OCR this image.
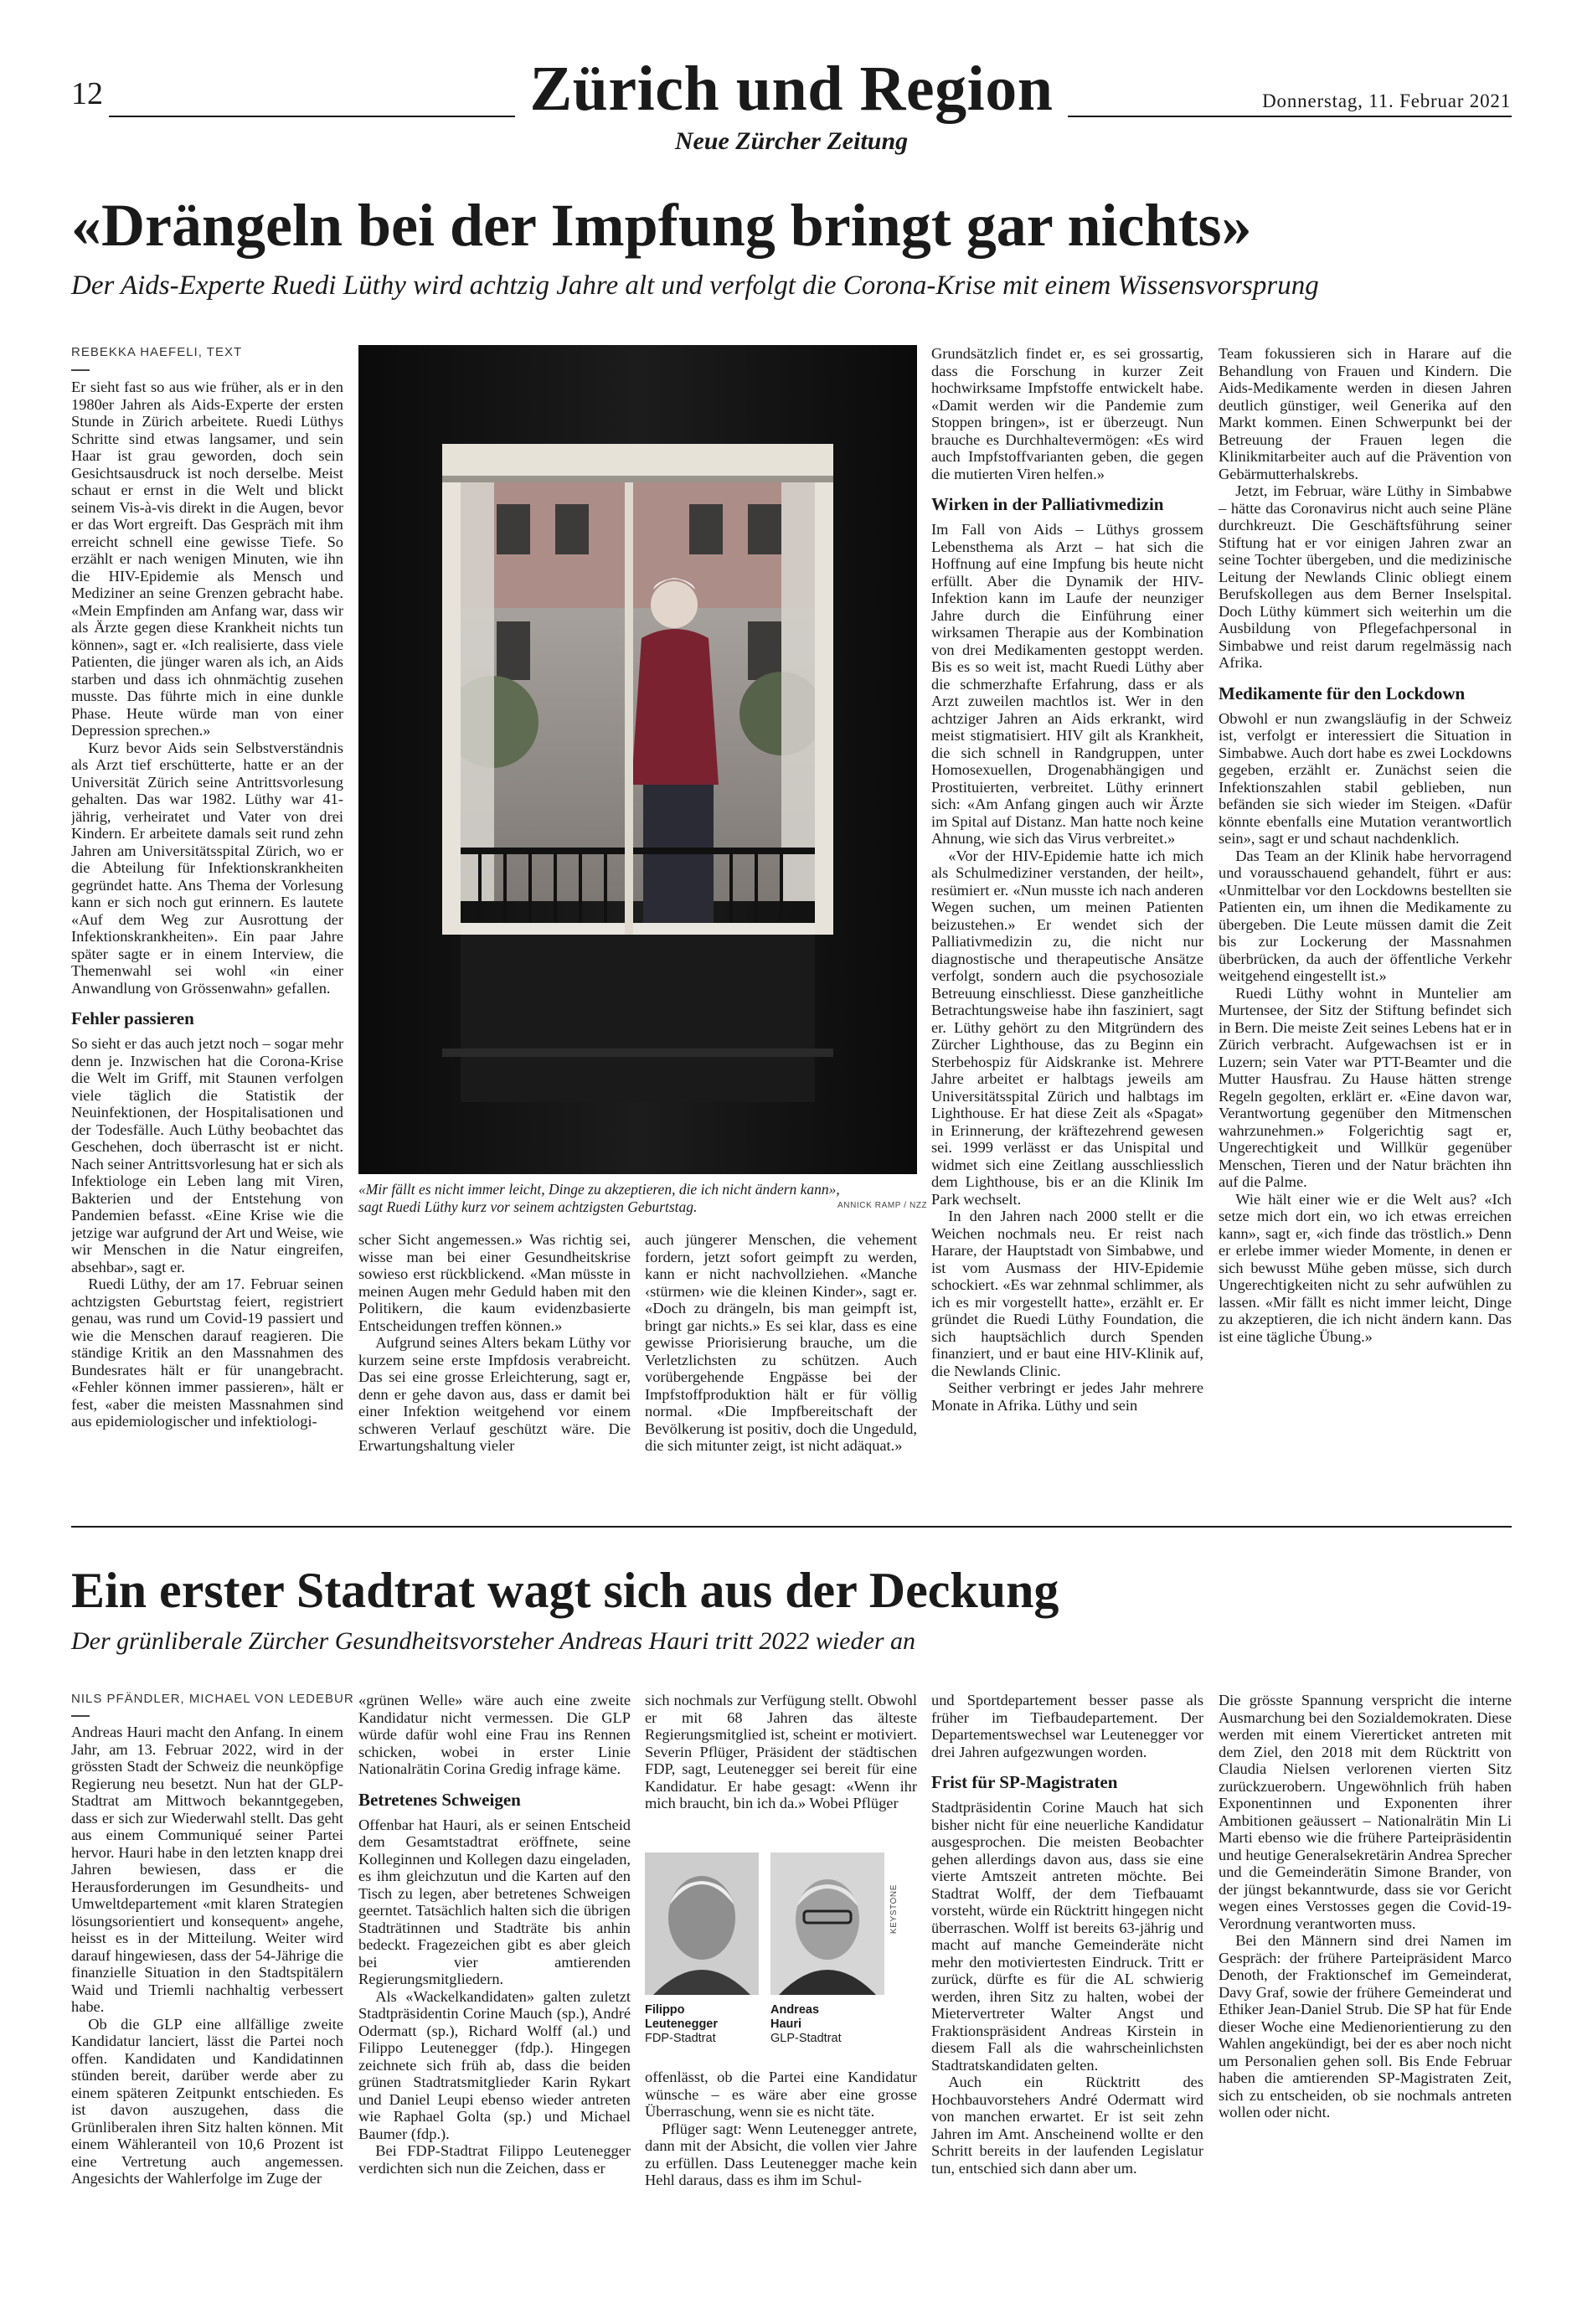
12	Zürich und Region	Donnerstag, 11. Februar 2021
Neue Zürcher Zeitung
«Drängeln bei der Impfung bringt gar nichts»
Der Aids-Experte Ruedi Lüthy wird achtzig Jahre alt und verfolgt die Corona-Krise mit einem Wissensvorsprung
REBEKKA HAEFELI, TEXT

Er sieht fast so aus wie früher, als er in den 1980er Jahren als Aids-Experte der ersten Stunde in Zürich arbeitete. Ruedi Lüthys Schritte sind etwas langsamer, und sein Haar ist grau geworden, doch sein Gesichtsausdruck ist noch derselbe. Meist schaut er ernst in die Welt und blickt seinem Vis-à-vis direkt in die Augen, bevor er das Wort ergreift. Das Gespräch mit ihm erreicht schnell eine gewisse Tiefe. So erzählt er nach wenigen Minuten, wie ihn die HIV-Epidemie als Mensch und Mediziner an seine Grenzen gebracht habe. «Mein Empfinden am Anfang war, dass wir als Ärzte gegen diese Krankheit nichts tun können», sagt er. «Ich realisierte, dass viele Patienten, die jünger waren als ich, an Aids starben und dass ich ohnmächtig zusehen musste. Das führte mich in eine dunkle Phase. Heute würde man von einer Depression sprechen.»

Kurz bevor Aids sein Selbstverständnis als Arzt tief erschütterte, hatte er an der Universität Zürich seine Antrittsvorlesung gehalten. Das war 1982. Lüthy war 41-jährig, verheiratet und Vater von drei Kindern. Er arbeitete damals seit rund zehn Jahren am Universitätsspital Zürich, wo er die Abteilung für Infektionskrankheiten gegründet hatte. Ans Thema der Vorlesung kann er sich noch gut erinnern. Es lautete «Auf dem Weg zur Ausrottung der Infektionskrankheiten». Ein paar Jahre später sagte er in einem Interview, die Themenwahl sei wohl «in einer Anwandlung von Grössenwahn» gefallen.

Fehler passieren

So sieht er das auch jetzt noch – sogar mehr denn je. Inzwischen hat die Corona-Krise die Welt im Griff, mit Staunen verfolgen viele täglich die Statistik der Neuinfektionen, der Hospitalisationen und der Todesfälle. Auch Lüthy beobachtet das Geschehen, doch überrascht ist er nicht. Nach seiner Antrittsvorlesung hat er sich als Infektiologe ein Leben lang mit Viren, Bakterien und der Entstehung von Pandemien befasst. «Eine Krise wie die jetzige war aufgrund der Art und Weise, wie wir Menschen in die Natur eingreifen, absehbar», sagt er.

Ruedi Lüthy, der am 17. Februar seinen achtzigsten Geburtstag feiert, registriert genau, was rund um Covid-19 passiert und wie die Menschen darauf reagieren. Die ständige Kritik an den Massnahmen des Bundesrates hält er für unangebracht. «Fehler können immer passieren», hält er fest, «aber die meisten Massnahmen sind aus epidemiologischer und infektiologi-

«Mir fällt es nicht immer leicht, Dinge zu akzeptieren, die ich nicht ändern kann», sagt Ruedi Lüthy kurz vor seinem achtzigsten Geburtstag.	ANNICK RAMP / NZZ

scher Sicht angemessen.» Was richtig sei, wisse man bei einer Gesundheitskrise sowieso erst rückblickend. «Man müsste in meinen Augen mehr Geduld haben mit den Politikern, die kaum evidenzbasierte Entscheidungen treffen können.»

Aufgrund seines Alters bekam Lüthy vor kurzem seine erste Impfdosis verabreicht. Das sei eine grosse Erleichterung, sagt er, denn er gehe davon aus, dass er damit bei einer Infektion weitgehend vor einem schweren Verlauf geschützt wäre. Die Erwartungshaltung vieler

auch jüngerer Menschen, die vehement fordern, jetzt sofort geimpft zu werden, kann er nicht nachvollziehen. «Manche ‹stürmen› wie die kleinen Kinder», sagt er. «Doch zu drängeln, bis man geimpft ist, bringt gar nichts.» Es sei klar, dass es eine gewisse Priorisierung brauche, um die Verletzlichsten zu schützen. Auch vorübergehende Engpässe bei der Impfstoffproduktion hält er für völlig normal. «Die Impfbereitschaft der Bevölkerung ist positiv, doch die Ungeduld, die sich mitunter zeigt, ist nicht adäquat.»

Grundsätzlich findet er, es sei grossartig, dass die Forschung in kurzer Zeit hochwirksame Impfstoffe entwickelt habe. «Damit werden wir die Pandemie zum Stoppen bringen», ist er überzeugt. Nun brauche es Durchhaltevermögen: «Es wird auch Impfstoffvarianten geben, die gegen die mutierten Viren helfen.»

Wirken in der Palliativmedizin

Im Fall von Aids – Lüthys grossem Lebensthema als Arzt – hat sich die Hoffnung auf eine Impfung bis heute nicht erfüllt. Aber die Dynamik der HIV-Infektion kann im Laufe der neunziger Jahre durch die Einführung einer wirksamen Therapie aus der Kombination von drei Medikamenten gestoppt werden. Bis es so weit ist, macht Ruedi Lüthy aber die schmerzhafte Erfahrung, dass er als Arzt zuweilen machtlos ist. Wer in den achtziger Jahren an Aids erkrankt, wird meist stigmatisiert. HIV gilt als Krankheit, die sich schnell in Randgruppen, unter Homosexuellen, Drogenabhängigen und Prostituierten, verbreitet. Lüthy erinnert sich: «Am Anfang gingen auch wir Ärzte im Spital auf Distanz. Man hatte noch keine Ahnung, wie sich das Virus verbreitet.»

«Vor der HIV-Epidemie hatte ich mich als Schulmediziner verstanden, der heilt», resümiert er. «Nun musste ich nach anderen Wegen suchen, um meinen Patienten beizustehen.» Er wendet sich der Palliativmedizin zu, die nicht nur diagnostische und therapeutische Ansätze verfolgt, sondern auch die psychosoziale Betreuung einschliesst. Diese ganzheitliche Betrachtungsweise habe ihn fasziniert, sagt er. Lüthy gehört zu den Mitgründern des Zürcher Lighthouse, das zu Beginn ein Sterbehospiz für Aidskranke ist. Mehrere Jahre arbeitet er halbtags jeweils am Universitätsspital Zürich und halbtags im Lighthouse. Er hat diese Zeit als «Spagat» in Erinnerung, der kräftezehrend gewesen sei. 1999 verlässt er das Unispital und widmet sich eine Zeitlang ausschliesslich dem Lighthouse, bis er an die Klinik Im Park wechselt.

In den Jahren nach 2000 stellt er die Weichen nochmals neu. Er reist nach Harare, der Hauptstadt von Simbabwe, und ist vom Ausmass der HIV-Epidemie schockiert. «Es war zehnmal schlimmer, als ich es mir vorgestellt hatte», erzählt er. Er gründet die Ruedi Lüthy Foundation, die sich hauptsächlich durch Spenden finanziert, und er baut eine HIV-Klinik auf, die Newlands Clinic.

Seither verbringt er jedes Jahr mehrere Monate in Afrika. Lüthy und sein

Team fokussieren sich in Harare auf die Behandlung von Frauen und Kindern. Die Aids-Medikamente werden in diesen Jahren deutlich günstiger, weil Generika auf den Markt kommen. Einen Schwerpunkt bei der Betreuung der Frauen legen die Klinikmitarbeiter auch auf die Prävention von Gebärmutterhalskrebs.

Jetzt, im Februar, wäre Lüthy in Simbabwe – hätte das Coronavirus nicht auch seine Pläne durchkreuzt. Die Geschäftsführung seiner Stiftung hat er vor einigen Jahren zwar an seine Tochter übergeben, und die medizinische Leitung der Newlands Clinic obliegt einem Berufskollegen aus dem Berner Inselspital. Doch Lüthy kümmert sich weiterhin um die Ausbildung von Pflegefachpersonal in Simbabwe und reist darum regelmässig nach Afrika.

Medikamente für den Lockdown

Obwohl er nun zwangsläufig in der Schweiz ist, verfolgt er interessiert die Situation in Simbabwe. Auch dort habe es zwei Lockdowns gegeben, erzählt er. Zunächst seien die Infektionszahlen stabil geblieben, nun befänden sie sich wieder im Steigen. «Dafür könnte ebenfalls eine Mutation verantwortlich sein», sagt er und schaut nachdenklich.

Das Team an der Klinik habe hervorragend und vorausschauend gehandelt, führt er aus: «Unmittelbar vor den Lockdowns bestellten sie Patienten ein, um ihnen die Medikamente zu übergeben. Die Leute müssen damit die Zeit bis zur Lockerung der Massnahmen überbrücken, da auch der öffentliche Verkehr weitgehend eingestellt ist.»

Ruedi Lüthy wohnt in Muntelier am Murtensee, der Sitz der Stiftung befindet sich in Bern. Die meiste Zeit seines Lebens hat er in Zürich verbracht. Aufgewachsen ist er in Luzern; sein Vater war PTT-Beamter und die Mutter Hausfrau. Zu Hause hätten strenge Regeln gegolten, erklärt er. «Eine davon war, Verantwortung gegenüber den Mitmenschen wahrzunehmen.» Folgerichtig sagt er, Ungerechtigkeit und Willkür gegenüber Menschen, Tieren und der Natur brächten ihn auf die Palme.

Wie hält einer wie er die Welt aus? «Ich setze mich dort ein, wo ich etwas erreichen kann», sagt er, «ich finde das tröstlich.» Denn er erlebe immer wieder Momente, in denen er sich bewusst Mühe geben müsse, sich durch Ungerechtigkeiten nicht zu sehr aufwühlen zu lassen. «Mir fällt es nicht immer leicht, Dinge zu akzeptieren, die ich nicht ändern kann. Das ist eine tägliche Übung.»

Ein erster Stadtrat wagt sich aus der Deckung
Der grünliberale Zürcher Gesundheitsvorsteher Andreas Hauri tritt 2022 wieder an
NILS PFÄNDLER, MICHAEL VON LEDEBUR

Andreas Hauri macht den Anfang. In einem Jahr, am 13. Februar 2022, wird in der grössten Stadt der Schweiz die neunköpfige Regierung neu besetzt. Nun hat der GLP-Stadtrat am Mittwoch bekanntgegeben, dass er sich zur Wiederwahl stellt. Das geht aus einem Communiqué seiner Partei hervor. Hauri habe in den letzten knapp drei Jahren bewiesen, dass er die Herausforderungen im Gesundheits- und Umweltdepartement «mit klaren Strategien lösungsorientiert und konsequent» angehe, heisst es in der Mitteilung. Weiter wird darauf hingewiesen, dass der 54-Jährige die finanzielle Situation in den Stadtspitälern Waid und Triemli nachhaltig verbessert habe.

Ob die GLP eine allfällige zweite Kandidatur lanciert, lässt die Partei noch offen. Kandidaten und Kandidatinnen stünden bereit, darüber werde aber zu einem späteren Zeitpunkt entschieden. Es ist davon auszugehen, dass die Grünliberalen ihren Sitz halten können. Mit einem Wähleranteil von 10,6 Prozent ist eine Vertretung auch angemessen. Angesichts der Wahlerfolge im Zuge der

«grünen Welle» wäre auch eine zweite Kandidatur nicht vermessen. Die GLP würde dafür wohl eine Frau ins Rennen schicken, wobei in erster Linie Nationalrätin Corina Gredig infrage käme.

Betretenes Schweigen

Offenbar hat Hauri, als er seinen Entscheid dem Gesamtstadtrat eröffnete, seine Kolleginnen und Kollegen dazu eingeladen, es ihm gleichzutun und die Karten auf den Tisch zu legen, aber betretenes Schweigen geerntet. Tatsächlich halten sich die übrigen Stadträtinnen und Stadträte bis anhin bedeckt. Fragezeichen gibt es aber gleich bei vier amtierenden Regierungsmitgliedern.

Als «Wackelkandidaten» galten zuletzt Stadtpräsidentin Corine Mauch (sp.), André Odermatt (sp.), Richard Wolff (al.) und Filippo Leutenegger (fdp.). Hingegen zeichnete sich früh ab, dass die beiden grünen Stadtratsmitglieder Karin Rykart und Daniel Leupi ebenso wieder antreten wie Raphael Golta (sp.) und Michael Baumer (fdp.).

Bei FDP-Stadtrat Filippo Leutenegger verdichten sich nun die Zeichen, dass er

sich nochmals zur Verfügung stellt. Obwohl er mit 68 Jahren das älteste Regierungsmitglied ist, scheint er motiviert. Severin Pflüger, Präsident der städtischen FDP, sagt, Leutenegger sei bereit für eine Kandidatur. Er habe gesagt: «Wenn ihr mich braucht, bin ich da.» Wobei Pflüger

KEYSTONE
Filippo
Leutenegger
FDP-Stadtrat
Andreas
Hauri
GLP-Stadtrat

offenlässt, ob die Partei eine Kandidatur wünsche – es wäre aber eine grosse Überraschung, wenn sie es nicht täte.

Pflüger sagt: Wenn Leutenegger antrete, dann mit der Absicht, die vollen vier Jahre zu erfüllen. Dass Leutenegger mache kein Hehl daraus, dass es ihm im Schul-

und Sportdepartement besser passe als früher im Tiefbaudepartement. Der Departementswechsel war Leutenegger vor drei Jahren aufgezwungen worden.

Frist für SP-Magistraten

Stadtpräsidentin Corine Mauch hat sich bisher nicht für eine neuerliche Kandidatur ausgesprochen. Die meisten Beobachter gehen allerdings davon aus, dass sie eine vierte Amtszeit antreten möchte. Bei Stadtrat Wolff, der dem Tiefbauamt vorsteht, würde ein Rücktritt hingegen nicht überraschen. Wolff ist bereits 63-jährig und macht auf manche Gemeinderäte nicht mehr den motiviertesten Eindruck. Tritt er zurück, dürfte es für die AL schwierig werden, ihren Sitz zu halten, wobei der Mietervertreter Walter Angst und Fraktionspräsident Andreas Kirstein in diesem Fall als die wahrscheinlichsten Stadtratskandidaten gelten.

Auch ein Rücktritt des Hochbauvorstehers André Odermatt wird von manchen erwartet. Er ist seit zehn Jahren im Amt. Anscheinend wollte er den Schritt bereits in der laufenden Legislatur tun, entschied sich dann aber um.

Die grösste Spannung verspricht die interne Ausmarchung bei den Sozialdemokraten. Diese werden mit einem Viererticket antreten mit dem Ziel, den 2018 mit dem Rücktritt von Claudia Nielsen verlorenen vierten Sitz zurückzuerobern. Ungewöhnlich früh haben Exponentinnen und Exponenten ihrer Ambitionen geäussert – Nationalrätin Min Li Marti ebenso wie die frühere Parteipräsidentin und heutige Generalsekretärin Andrea Sprecher und die Gemeinderätin Simone Brander, von der jüngst bekanntwurde, dass sie vor Gericht wegen eines Verstosses gegen die Covid-19-Verordnung verantworten muss.

Bei den Männern sind drei Namen im Gespräch: der frühere Parteipräsident Marco Denoth, der Fraktionschef im Gemeinderat, Davy Graf, sowie der frühere Gemeinderat und Ethiker Jean-Daniel Strub. Die SP hat für Ende dieser Woche eine Medienorientierung zu den Wahlen angekündigt, bei der es aber noch nicht um Personalien gehen soll. Bis Ende Februar haben die amtierenden SP-Magistraten Zeit, sich zu entscheiden, ob sie nochmals antreten wollen oder nicht.
